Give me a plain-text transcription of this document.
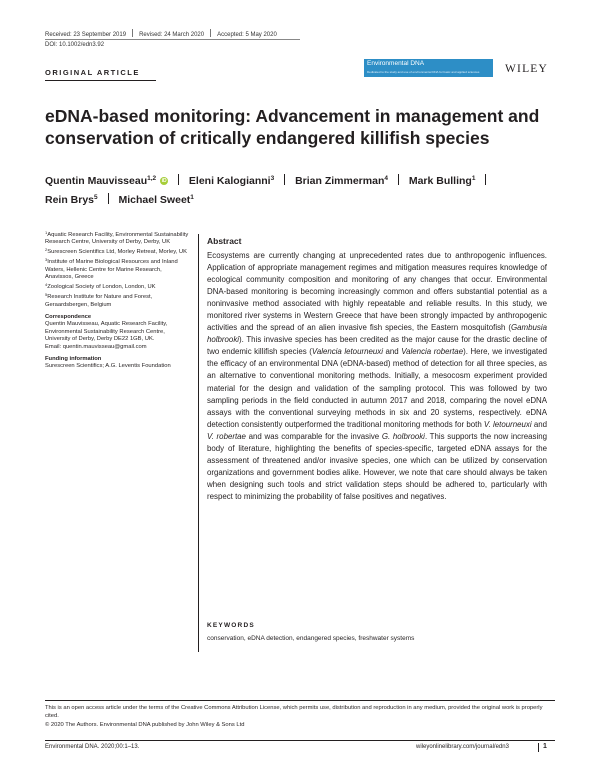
Received: 23 September 2019 Revised: 24 March 2020 Accepted: 5 May 2020
DOI: 10.1002/edn3.92
ORIGINAL ARTICLE
Environmental DNA
Dedicated to the study and use of environmental DNA for basic and applied sciences WILEY
eDNA-based monitoring: Advancement in management and conservation of critically endangered killifish species
Quentin Mauvisseau$^{1,2}$ iD Eleni Kalogianni$^3$ Brian Zimmerman$^4$ Mark Bulling$^1$
Rein Brys$^5$ Michael Sweet$^1$
$^1$Aquatic Research Facility, Environmental Sustainability Research Centre, University of Derby, Derby, UK
$^2$Surescreen Scientifics Ltd, Morley Retreat, Morley, UK
$^3$Institute of Marine Biological Resources and Inland Waters, Hellenic Centre for Marine Research, Anavissos, Greece
$^4$Zoological Society of London, London, UK
$^5$Research Institute for Nature and Forest, Geraardsbergen, Belgium
Correspondence
Quentin Mauvisseau, Aquatic Research Facility, Environmental Sustainability Research Centre, University of Derby, Derby DE22 1GB, UK.
Email: quentin.mauvisseau@gmail.com
Funding information
Surescreen Scientifics; A.G. Leventis Foundation
Abstract

Ecosystems are currently changing at unprecedented rates due to anthropogenic influences. Application of appropriate management regimes and mitigation measures requires knowledge of ecological community composition and monitoring of any changes that occur. Environmental DNA-based monitoring is becoming increasingly common and offers substantial potential as a noninvasive method associated with highly repeatable and reliable results. In this study, we monitored river systems in Western Greece that have been strongly impacted by anthropogenic activities and the spread of an alien invasive fish species, the Eastern mosquitofish (Gambusia holbrooki). This invasive species has been credited as the major cause for the drastic decline of two endemic killifish species (Valencia letourneuxi and Valencia robertae). Here, we investigated the efficacy of an environmental DNA (eDNA-based) method of detection for all three species, as an alternative to conventional monitoring methods. Initially, a mesocosm experiment provided material for the design and validation of the sampling protocol. This was followed by two sampling periods in the field conducted in autumn 2017 and 2018, comparing the novel eDNA assays with the conventional surveying methods in six and 20 systems, respectively. eDNA detection consistently outperformed the traditional monitoring methods for both V. letourneuxi and V. robertae and was comparable for the invasive G. holbrooki. This supports the now increasing body of literature, highlighting the benefits of species-specific, targeted eDNA assays for the assessment of threatened and/or invasive species, one which can be utilized by conservation organizations and government bodies alike. However, we note that care should always be taken when designing such tools and strict validation steps should be adhered to, particularly with respect to minimizing the probability of false positives and negatives.

KEYWORDS
conservation, eDNA detection, endangered species, freshwater systems
This is an open access article under the terms of the Creative Commons Attribution License, which permits use, distribution and reproduction in any medium, provided the original work is properly cited.
© 2020 The Authors. Environmental DNA published by John Wiley & Sons Ltd
Environmental DNA. 2020;00:1–13.	wileyonlinelibrary.com/journal/edn3	1
